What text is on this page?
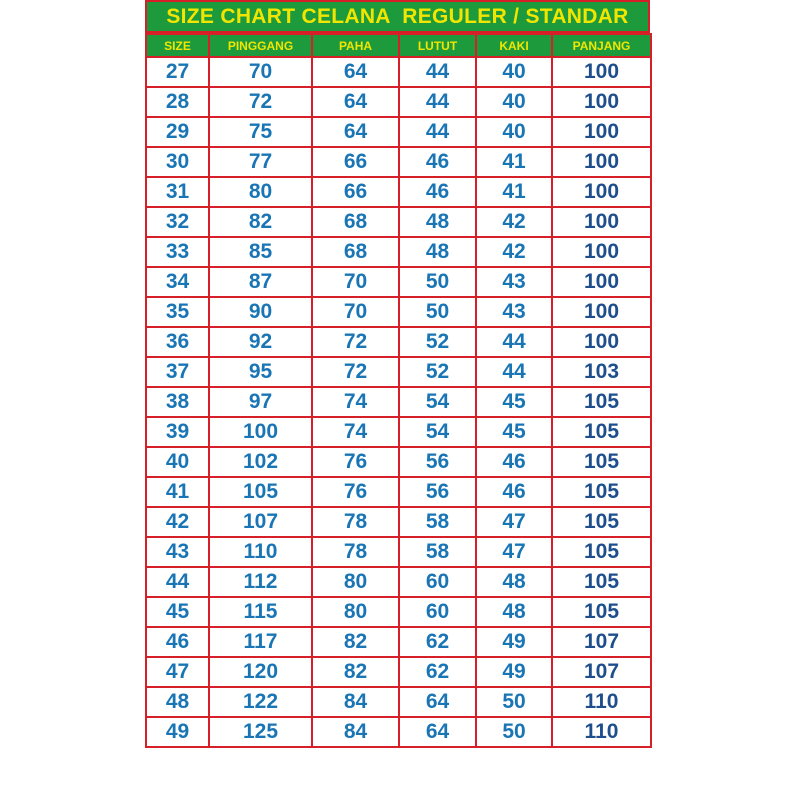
SIZE CHART CELANA  REGULER / STANDAR
SIZE	PINGGANG	PAHA	LUTUT	KAKI	PANJANG
27	70	64	44	40	100
28	72	64	44	40	100
29	75	64	44	40	100
30	77	66	46	41	100
31	80	66	46	41	100
32	82	68	48	42	100
33	85	68	48	42	100
34	87	70	50	43	100
35	90	70	50	43	100
36	92	72	52	44	100
37	95	72	52	44	103
38	97	74	54	45	105
39	100	74	54	45	105
40	102	76	56	46	105
41	105	76	56	46	105
42	107	78	58	47	105
43	110	78	58	47	105
44	112	80	60	48	105
45	115	80	60	48	105
46	117	82	62	49	107
47	120	82	62	49	107
48	122	84	64	50	110
49	125	84	64	50	110
